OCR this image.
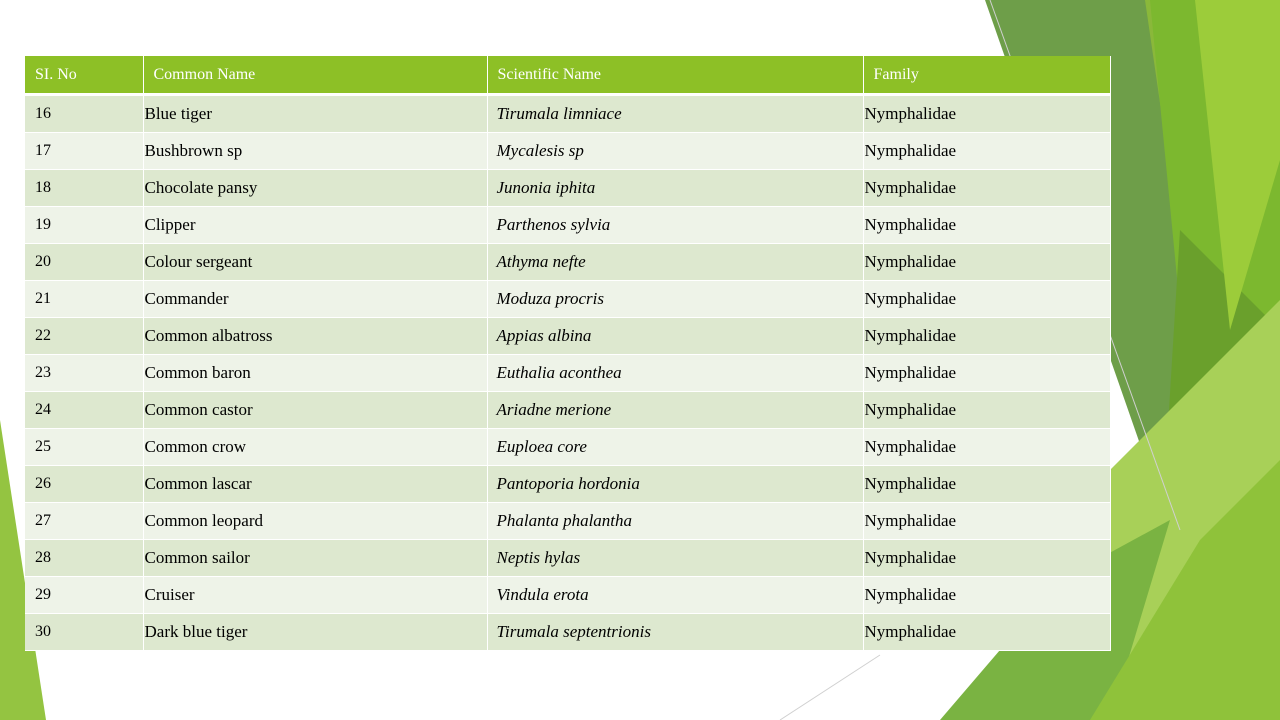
SI. No	Common Name	Scientific Name	Family
16	Blue tiger	Tirumala limniace	Nymphalidae
17	Bushbrown sp	Mycalesis sp	Nymphalidae
18	Chocolate pansy	Junonia iphita	Nymphalidae
19	Clipper	Parthenos sylvia	Nymphalidae
20	Colour sergeant	Athyma nefte	Nymphalidae
21	Commander	Moduza procris	Nymphalidae
22	Common albatross	Appias albina	Nymphalidae
23	Common baron	Euthalia aconthea	Nymphalidae
24	Common castor	Ariadne merione	Nymphalidae
25	Common crow	Euploea core	Nymphalidae
26	Common lascar	Pantoporia hordonia	Nymphalidae
27	Common leopard	Phalanta phalantha	Nymphalidae
28	Common sailor	Neptis hylas	Nymphalidae
29	Cruiser	Vindula erota	Nymphalidae
30	Dark blue tiger	Tirumala septentrionis	Nymphalidae
